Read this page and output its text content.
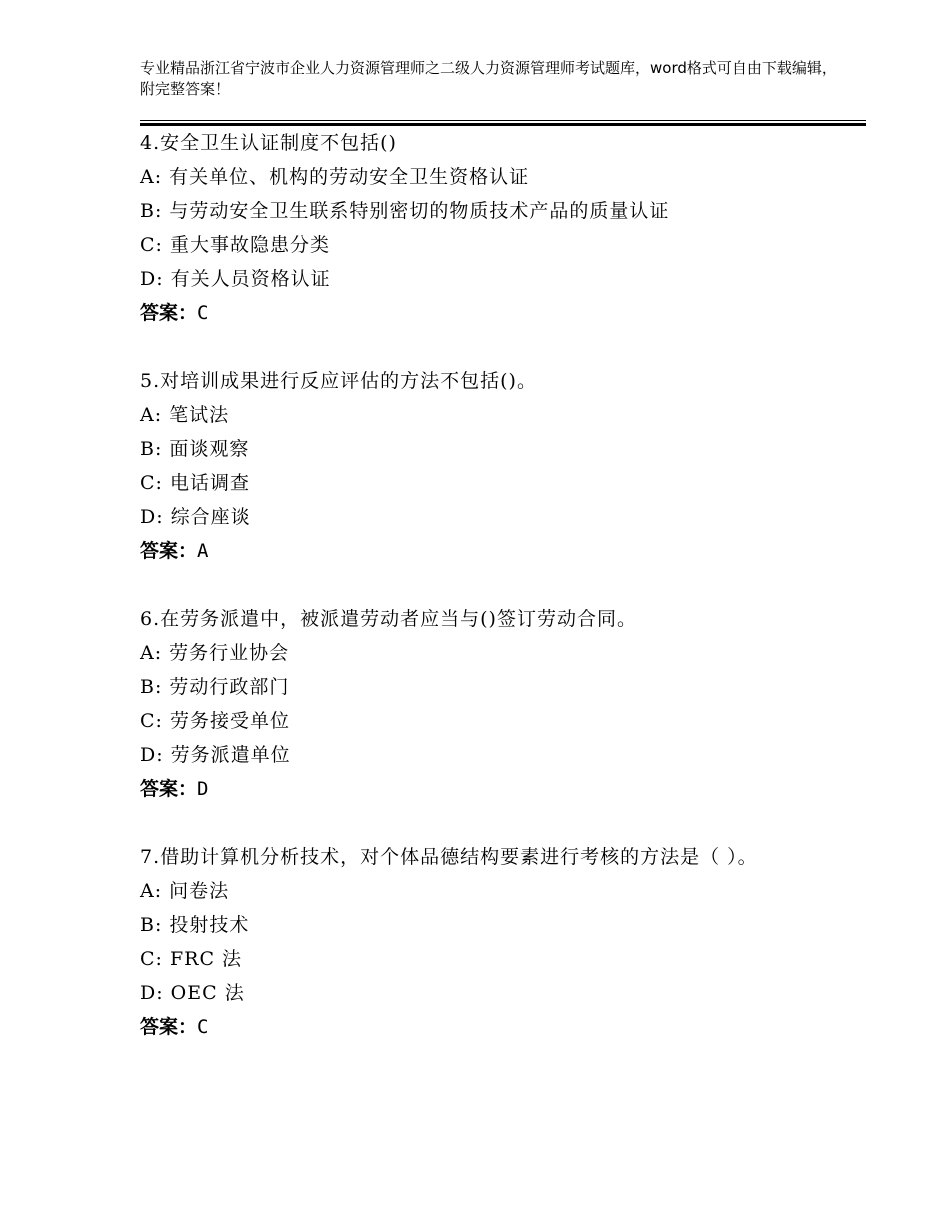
专业精品浙江省宁波市企业人力资源管理师之二级人力资源管理师考试题库，word格式可自由下载编辑，附完整答案！
4.安全卫生认证制度不包括()
A: 有关单位、机构的劳动安全卫生资格认证
B: 与劳动安全卫生联系特别密切的物质技术产品的质量认证
C: 重大事故隐患分类
D: 有关人员资格认证
答案：C
5.对培训成果进行反应评估的方法不包括()。
A: 笔试法
B: 面谈观察
C: 电话调查
D: 综合座谈
答案：A
6.在劳务派遣中，被派遣劳动者应当与()签订劳动合同。
A: 劳务行业协会
B: 劳动行政部门
C: 劳务接受单位
D: 劳务派遣单位
答案：D
7.借助计算机分析技术，对个体品德结构要素进行考核的方法是（ ）。
A: 问卷法
B: 投射技术
C: FRC 法
D: OEC 法
答案：C
